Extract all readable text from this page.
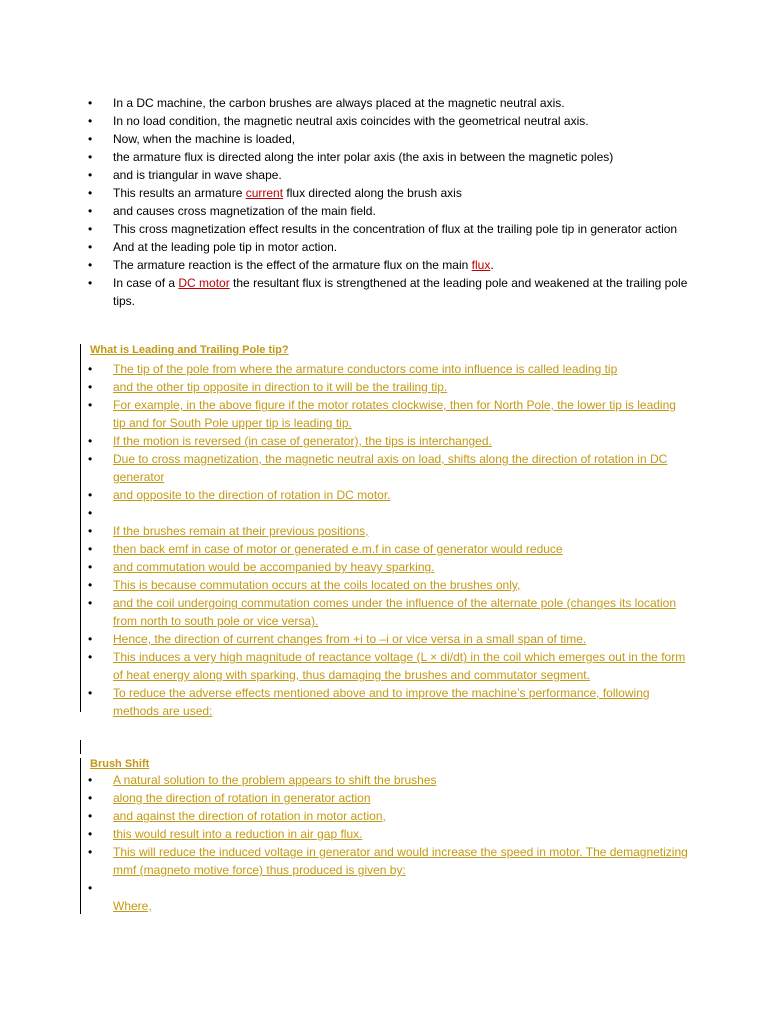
• In a DC machine, the carbon brushes are always placed at the magnetic neutral axis.
• In no load condition, the magnetic neutral axis coincides with the geometrical neutral axis.
• Now, when the machine is loaded,
• the armature flux is directed along the inter polar axis (the axis in between the magnetic poles)
• and is triangular in wave shape.
• This results an armature current flux directed along the brush axis
• and causes cross magnetization of the main field.
• This cross magnetization effect results in the concentration of flux at the trailing pole tip in generator action
• And at the leading pole tip in motor action.
• The armature reaction is the effect of the armature flux on the main flux.
• In case of a DC motor the resultant flux is strengthened at the leading pole and weakened at the trailing pole tips.
What is Leading and Trailing Pole tip?
• The tip of the pole from where the armature conductors come into influence is called leading tip
• and the other tip opposite in direction to it will be the trailing tip.
• For example, in the above figure if the motor rotates clockwise, then for North Pole, the lower tip is leading tip and for South Pole upper tip is leading tip.
• If the motion is reversed (in case of generator), the tips is interchanged.
• Due to cross magnetization, the magnetic neutral axis on load, shifts along the direction of rotation in DC generator
• and opposite to the direction of rotation in DC motor.
•
• If the brushes remain at their previous positions,
• then back emf in case of motor or generated e.m.f in case of generator would reduce
• and commutation would be accompanied by heavy sparking.
• This is because commutation occurs at the coils located on the brushes only,
• and the coil undergoing commutation comes under the influence of the alternate pole (changes its location from north to south pole or vice versa).
• Hence, the direction of current changes from +i to –i or vice versa in a small span of time.
• This induces a very high magnitude of reactance voltage (L × di/dt) in the coil which emerges out in the form of heat energy along with sparking, thus damaging the brushes and commutator segment.
• To reduce the adverse effects mentioned above and to improve the machine’s performance, following methods are used:
Brush Shift
• A natural solution to the problem appears to shift the brushes
• along the direction of rotation in generator action
• and against the direction of rotation in motor action,
• this would result into a reduction in air gap flux.
• This will reduce the induced voltage in generator and would increase the speed in motor. The demagnetizing mmf (magneto motive force) thus produced is given by:
•
Where,
